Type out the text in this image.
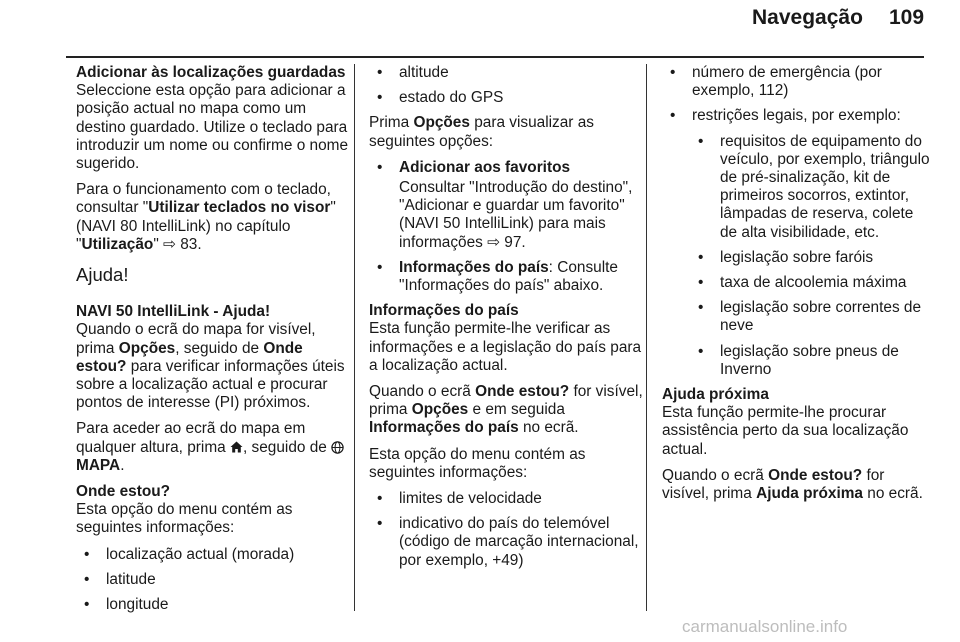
Navegação 109
Adicionar às localizações guardadas

Seleccione esta opção para adicionar a posição actual no mapa como um destino guardado. Utilize o teclado para introduzir um nome ou confirme o nome sugerido.

Para o funcionamento com o teclado, consultar "Utilizar teclados no visor" (NAVI 80 IntelliLink) no capítulo "Utilização" ⇨ 83.

Ajuda!
NAVI 50 IntelliLink - Ajuda!

Quando o ecrã do mapa for visível, prima Opções, seguido de Onde estou? para verificar informações úteis sobre a localização actual e procurar pontos de interesse (PI) próximos.

Para aceder ao ecrã do mapa em qualquer altura, prima , seguido de MAPA.

Onde estou?

Esta opção do menu contém as seguintes informações:

• localização actual (morada)
• latitude
• longitude
• altitude
• estado do GPS

Prima Opções para visualizar as seguintes opções:

• Adicionar aos favoritos
Consultar "Introdução do destino", "Adicionar e guardar um favorito" (NAVI 50 IntelliLink) para mais informações ⇨ 97.
• Informações do país: Consulte "Informações do país" abaixo.
Informações do país

Esta função permite-lhe verificar as informações e a legislação do país para a localização actual.

Quando o ecrã Onde estou? for visível, prima Opções e em seguida Informações do país no ecrã.

Esta opção do menu contém as seguintes informações:

• limites de velocidade
• indicativo do país do telemóvel (código de marcação internacional, por exemplo, +49)
• número de emergência (por exemplo, 112)
• restrições legais, por exemplo:
• requisitos de equipamento do veículo, por exemplo, triângulo de pré-sinalização, kit de primeiros socorros, extintor, lâmpadas de reserva, colete de alta visibilidade, etc.
• legislação sobre faróis
• taxa de alcoolemia máxima
• legislação sobre correntes de neve
• legislação sobre pneus de Inverno
Ajuda próxima

Esta função permite-lhe procurar assistência perto da sua localização actual.

Quando o ecrã Onde estou? for visível, prima Ajuda próxima no ecrã.

carmanualsonline.info
